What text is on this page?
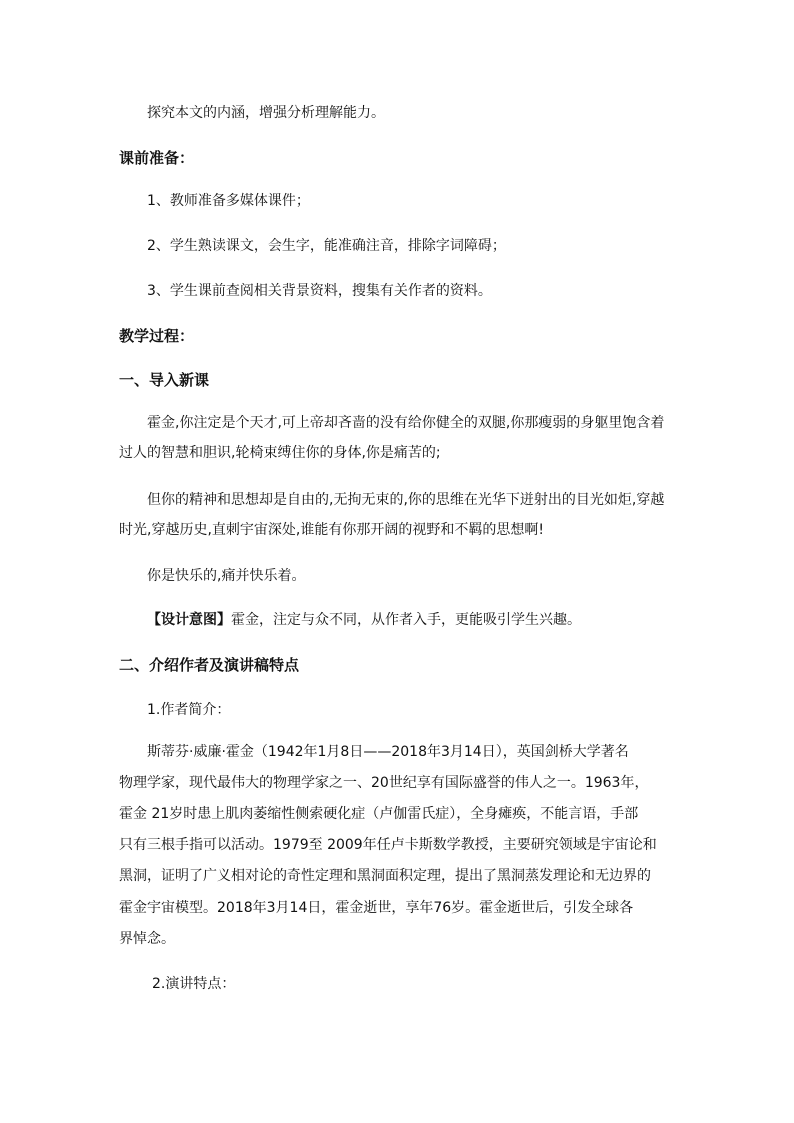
探究本文的内涵，增强分析理解能力。
课前准备：
1、教师准备多媒体课件；
2、学生熟读课文，会生字，能准确注音，排除字词障碍；
3、学生课前查阅相关背景资料，搜集有关作者的资料。
教学过程：
一、导入新课
霍金,你注定是个天才,可上帝却吝啬的没有给你健全的双腿,你那瘦弱的身躯里饱含着
过人的智慧和胆识,轮椅束缚住你的身体,你是痛苦的;
但你的精神和思想却是自由的,无拘无束的,你的思维在光华下迸射出的目光如炬,穿越
时光,穿越历史,直刺宇宙深处,谁能有你那开阔的视野和不羁的思想啊!
你是快乐的,痛并快乐着。
【设计意图】霍金，注定与众不同，从作者入手，更能吸引学生兴趣。
二、介绍作者及演讲稿特点
1.作者简介：
斯蒂芬·威廉·霍金（1942年1月8日——2018年3月14日），英国剑桥大学著名
物理学家，现代最伟大的物理学家之一、20世纪享有国际盛誉的伟人之一。1963年，
霍金 21岁时患上肌肉萎缩性侧索硬化症（卢伽雷氏症），全身瘫痪，不能言语，手部
只有三根手指可以活动。1979至 2009年任卢卡斯数学教授，主要研究领域是宇宙论和
黑洞，证明了广义相对论的奇性定理和黑洞面积定理，提出了黑洞蒸发理论和无边界的
霍金宇宙模型。2018年3月14日，霍金逝世，享年76岁。霍金逝世后，引发全球各
界悼念。
2.演讲特点：
